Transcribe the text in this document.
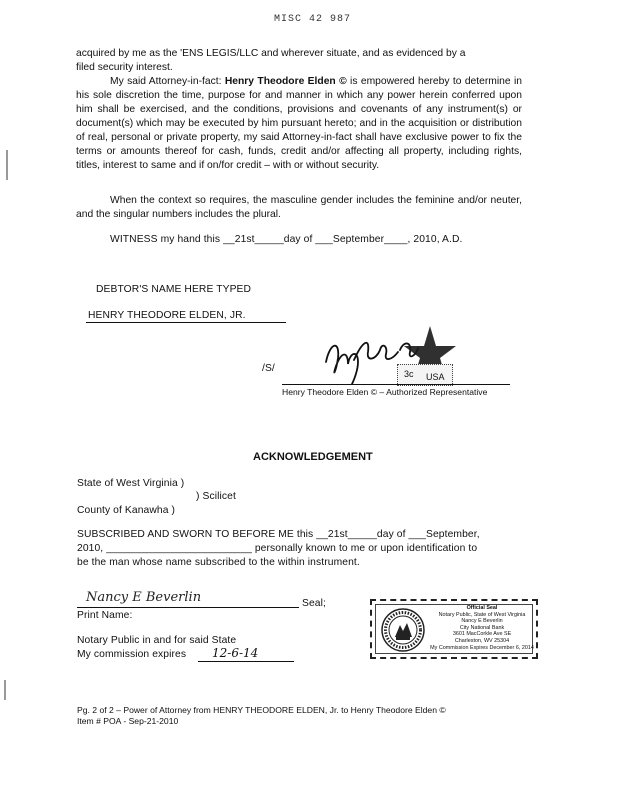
MISC 42 987

acquired by me as the 'ENS LEGIS/LLC and wherever situate, and as evidenced by a

filed security interest.

My said Attorney-in-fact: Henry Theodore Elden © is empowered hereby to determine in his sole discretion the time, purpose for and manner in which any power herein conferred upon him shall be exercised, and the conditions, provisions and covenants of any instrument(s) or document(s) which may be executed by him pursuant hereto; and in the acquisition or distribution of real, personal or private property, my said Attorney-in-fact shall have exclusive power to fix the terms or amounts thereof for cash, funds, credit and/or affecting all property, including rights, titles, interest to same and if on/for credit – with or without security.

When the context so requires, the masculine gender includes the feminine and/or neuter, and the singular numbers includes the plural.

WITNESS my hand this __21st_____day of ___September____, 2010, A.D.
DEBTOR'S NAME HERE TYPED
HENRY THEODORE ELDEN, JR.
/S/	3c USA
Henry Theodore Elden © – Authorized Representative
ACKNOWLEDGEMENT
State of West Virginia )
) Scilicet
County of Kanawha )
SUBSCRIBED AND SWORN TO BEFORE ME this __21st_____day of ___September,
2010, _________________________ personally known to me or upon identification to
be the man whose name subscribed to the within instrument.
Nancy E Beverlin	Seal;
Print Name:
Notary Public in and for said State
My commission expires 12-6-14
Official Seal
Notary Public, State of West Virginia
Nancy E Beverlin
City National Bank
3601 MacCorkle Ave SE
Charleston, WV 25304
My Commission Expires December 6, 2014
Pg. 2 of 2 – Power of Attorney from HENRY THEODORE ELDEN, Jr. to Henry Theodore Elden ©
Item # POA - Sep-21-2010
